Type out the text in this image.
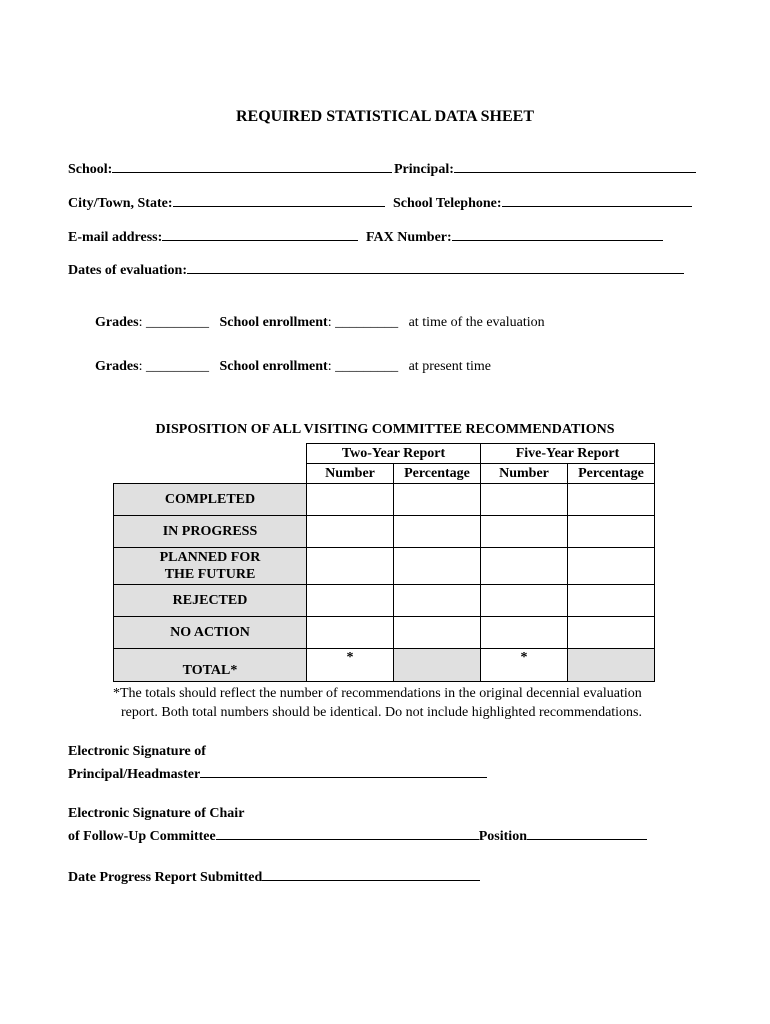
REQUIRED STATISTICAL DATA SHEET
School:	Principal:
City/Town, State:	School Telephone:
E-mail address:	FAX Number:
Dates of evaluation:
Grades: _________ School enrollment: _________ at time of the evaluation
Grades: _________ School enrollment: _________ at present time
DISPOSITION OF ALL VISITING COMMITTEE RECOMMENDATIONS
	Two-Year Report		Five-Year Report	
	Number	Percentage	Number	Percentage
COMPLETED				
IN PROGRESS				

PLANNED FOR
THE FUTURE				

REJECTED				
NO ACTION				
TOTAL*	*		*	
*The totals should reflect the number of recommendations in the original decennial evaluation
report. Both total numbers should be identical. Do not include highlighted recommendations.
Electronic Signature of
Principal/Headmaster
Electronic Signature of Chair
of Follow-Up Committee	Position
Date Progress Report Submitted
